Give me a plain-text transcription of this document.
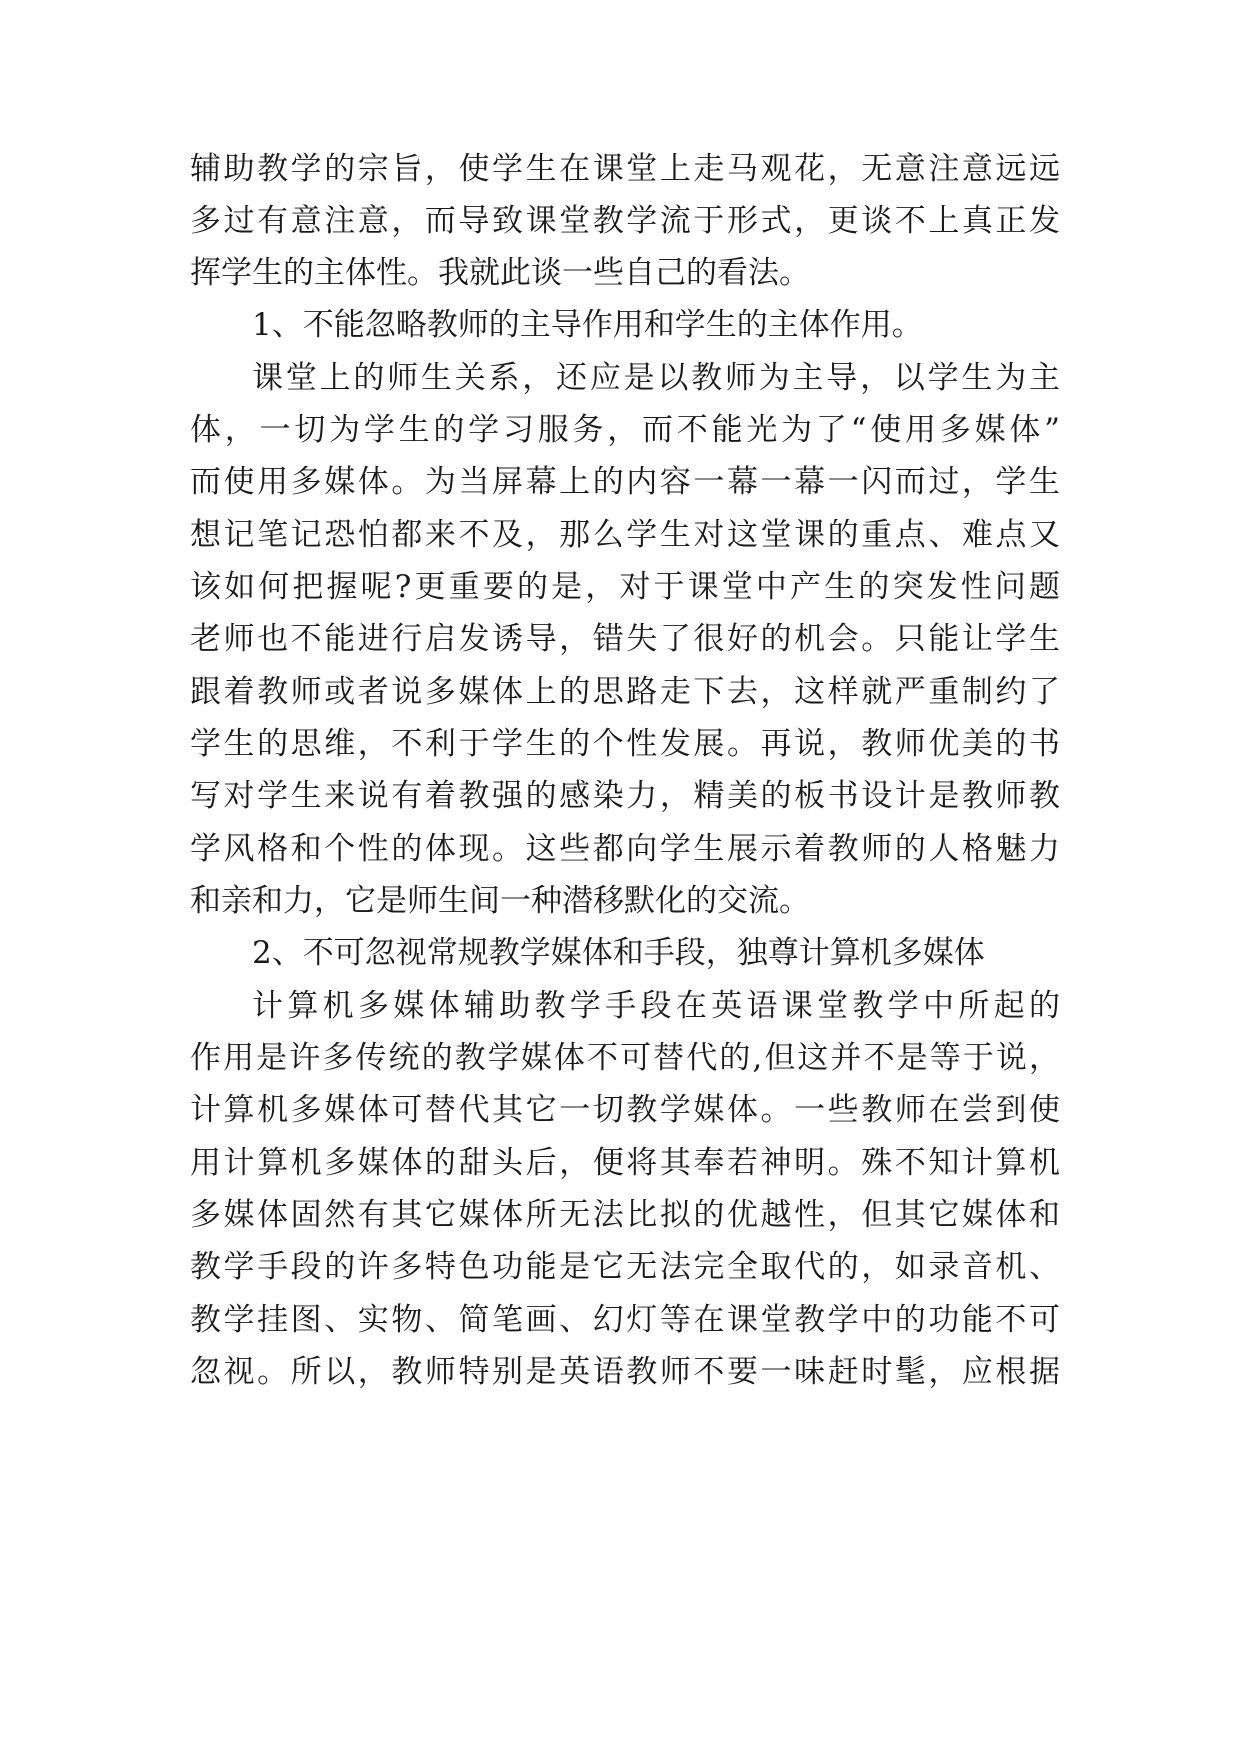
辅助教学的宗旨，使学生在课堂上走马观花，无意注意远远
多过有意注意，而导致课堂教学流于形式，更谈不上真正发
挥学生的主体性。我就此谈一些自己的看法。
1、不能忽略教师的主导作用和学生的主体作用。
课堂上的师生关系，还应是以教师为主导，以学生为主
体，一切为学生的学习服务，而不能光为了“使用多媒体”
而使用多媒体。为当屏幕上的内容一幕一幕一闪而过，学生
想记笔记恐怕都来不及，那么学生对这堂课的重点、难点又
该如何把握呢?更重要的是，对于课堂中产生的突发性问题
老师也不能进行启发诱导，错失了很好的机会。只能让学生
跟着教师或者说多媒体上的思路走下去，这样就严重制约了
学生的思维，不利于学生的个性发展。再说，教师优美的书
写对学生来说有着教强的感染力，精美的板书设计是教师教
学风格和个性的体现。这些都向学生展示着教师的人格魅力
和亲和力，它是师生间一种潜移默化的交流。
2、不可忽视常规教学媒体和手段，独尊计算机多媒体
计算机多媒体辅助教学手段在英语课堂教学中所起的
作用是许多传统的教学媒体不可替代的,但这并不是等于说，
计算机多媒体可替代其它一切教学媒体。一些教师在尝到使
用计算机多媒体的甜头后，便将其奉若神明。殊不知计算机
多媒体固然有其它媒体所无法比拟的优越性，但其它媒体和
教学手段的许多特色功能是它无法完全取代的，如录音机、
教学挂图、实物、简笔画、幻灯等在课堂教学中的功能不可
忽视。所以，教师特别是英语教师不要一味赶时髦，应根据
